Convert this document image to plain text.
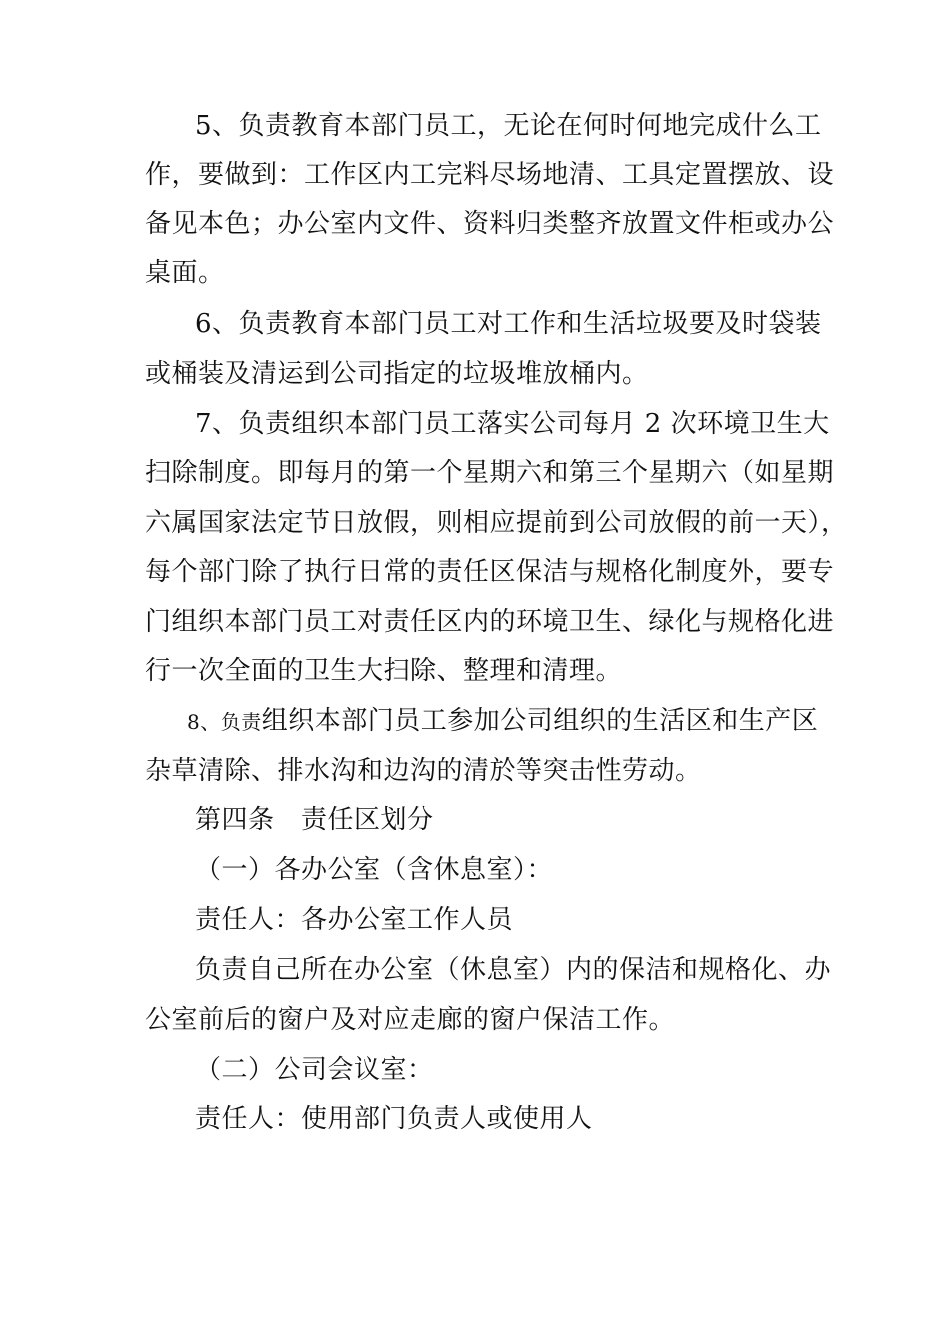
5、负责教育本部门员工，无论在何时何地完成什么工
作，要做到：工作区内工完料尽场地清、工具定置摆放、设
备见本色；办公室内文件、资料归类整齐放置文件柜或办公
桌面。
6、负责教育本部门员工对工作和生活垃圾要及时袋装
或桶装及清运到公司指定的垃圾堆放桶内。
7、负责组织本部门员工落实公司每月 2 次环境卫生大
扫除制度。即每月的第一个星期六和第三个星期六（如星期
六属国家法定节日放假，则相应提前到公司放假的前一天），
每个部门除了执行日常的责任区保洁与规格化制度外，要专
门组织本部门员工对责任区内的环境卫生、绿化与规格化进
行一次全面的卫生大扫除、整理和清理。
8、负责组织本部门员工参加公司组织的生活区和生产区
杂草清除、排水沟和边沟的清於等突击性劳动。
第四条　责任区划分
（一）各办公室（含休息室）：
责任人：各办公室工作人员
负责自己所在办公室（休息室）内的保洁和规格化、办
公室前后的窗户及对应走廊的窗户保洁工作。
（二）公司会议室：
责任人：使用部门负责人或使用人
